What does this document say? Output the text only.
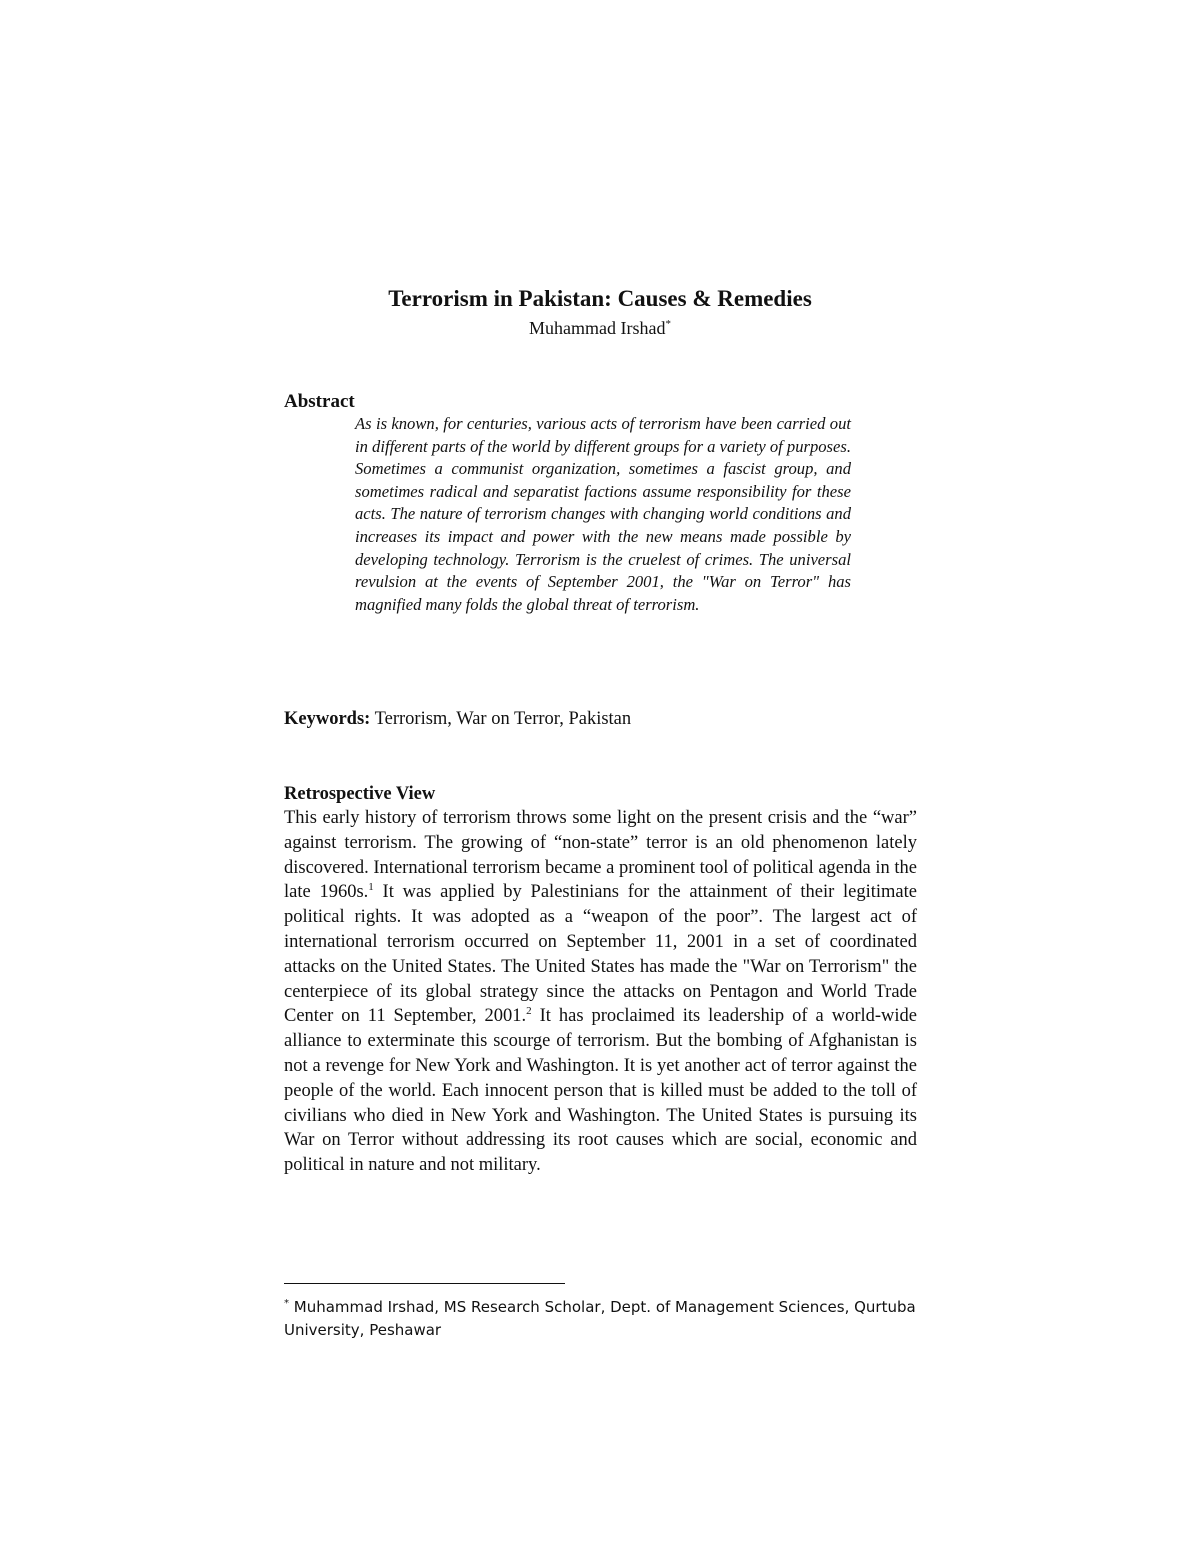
Terrorism in Pakistan: Causes & Remedies
Muhammad Irshad*
Abstract

As is known, for centuries, various acts of terrorism have been carried out in different parts of the world by different groups for a variety of purposes. Sometimes a communist organization, sometimes a fascist group, and sometimes radical and separatist factions assume responsibility for these acts. The nature of terrorism changes with changing world conditions and increases its impact and power with the new means made possible by developing technology. Terrorism is the cruelest of crimes. The universal revulsion at the events of September 2001, the "War on Terror" has magnified many folds the global threat of terrorism.

Keywords: Terrorism, War on Terror, Pakistan
Retrospective View

This early history of terrorism throws some light on the present crisis and the “war” against terrorism. The growing of “non-state” terror is an old phenomenon lately discovered. International terrorism became a prominent tool of political agenda in the late 1960s.$^1$ It was applied by Palestinians for the attainment of their legitimate political rights. It was adopted as a “weapon of the poor”. The largest act of international terrorism occurred on September 11, 2001 in a set of coordinated attacks on the United States. The United States has made the "War on Terrorism" the centerpiece of its global strategy since the attacks on Pentagon and World Trade Center on 11 September, 2001.$^2$ It has proclaimed its leadership of a world-wide alliance to exterminate this scourge of terrorism. But the bombing of Afghanistan is not a revenge for New York and Washington. It is yet another act of terror against the people of the world. Each innocent person that is killed must be added to the toll of civilians who died in New York and Washington. The United States is pursuing its War on Terror without addressing its root causes which are social, economic and political in nature and not military.

* Muhammad Irshad, MS Research Scholar, Dept. of Management Sciences, Qurtuba University, Peshawar
